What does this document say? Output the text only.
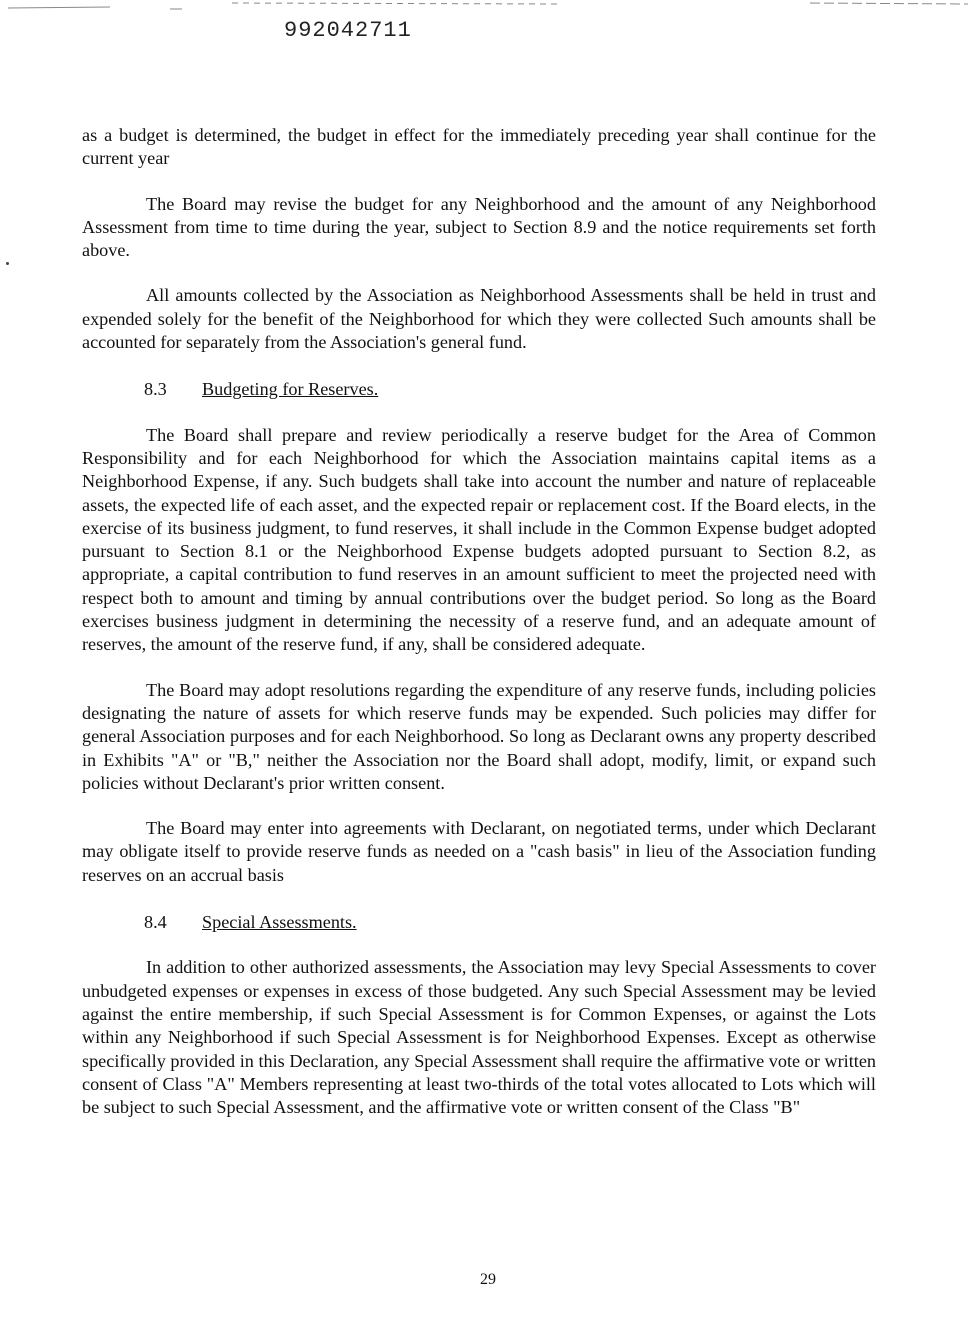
992042711

as a budget is determined, the budget in effect for the immediately preceding year shall continue for the current year

The Board may revise the budget for any Neighborhood and the amount of any Neighborhood Assessment from time to time during the year, subject to Section 8.9 and the notice requirements set forth above.

All amounts collected by the Association as Neighborhood Assessments shall be held in trust and expended solely for the benefit of the Neighborhood for which they were collected Such amounts shall be accounted for separately from the Association's general fund.

8.3 Budgeting for Reserves.

The Board shall prepare and review periodically a reserve budget for the Area of Common Responsibility and for each Neighborhood for which the Association maintains capital items as a Neighborhood Expense, if any. Such budgets shall take into account the number and nature of replaceable assets, the expected life of each asset, and the expected repair or replacement cost. If the Board elects, in the exercise of its business judgment, to fund reserves, it shall include in the Common Expense budget adopted pursuant to Section 8.1 or the Neighborhood Expense budgets adopted pursuant to Section 8.2, as appropriate, a capital contribution to fund reserves in an amount sufficient to meet the projected need with respect both to amount and timing by annual contributions over the budget period. So long as the Board exercises business judgment in determining the necessity of a reserve fund, and an adequate amount of reserves, the amount of the reserve fund, if any, shall be considered adequate.

The Board may adopt resolutions regarding the expenditure of any reserve funds, including policies designating the nature of assets for which reserve funds may be expended. Such policies may differ for general Association purposes and for each Neighborhood. So long as Declarant owns any property described in Exhibits "A" or "B," neither the Association nor the Board shall adopt, modify, limit, or expand such policies without Declarant's prior written consent.

The Board may enter into agreements with Declarant, on negotiated terms, under which Declarant may obligate itself to provide reserve funds as needed on a "cash basis" in lieu of the Association funding reserves on an accrual basis

8.4 Special Assessments.

In addition to other authorized assessments, the Association may levy Special Assessments to cover unbudgeted expenses or expenses in excess of those budgeted. Any such Special Assessment may be levied against the entire membership, if such Special Assessment is for Common Expenses, or against the Lots within any Neighborhood if such Special Assessment is for Neighborhood Expenses. Except as otherwise specifically provided in this Declaration, any Special Assessment shall require the affirmative vote or written consent of Class "A" Members representing at least two-thirds of the total votes allocated to Lots which will be subject to such Special Assessment, and the affirmative vote or written consent of the Class "B"

29
